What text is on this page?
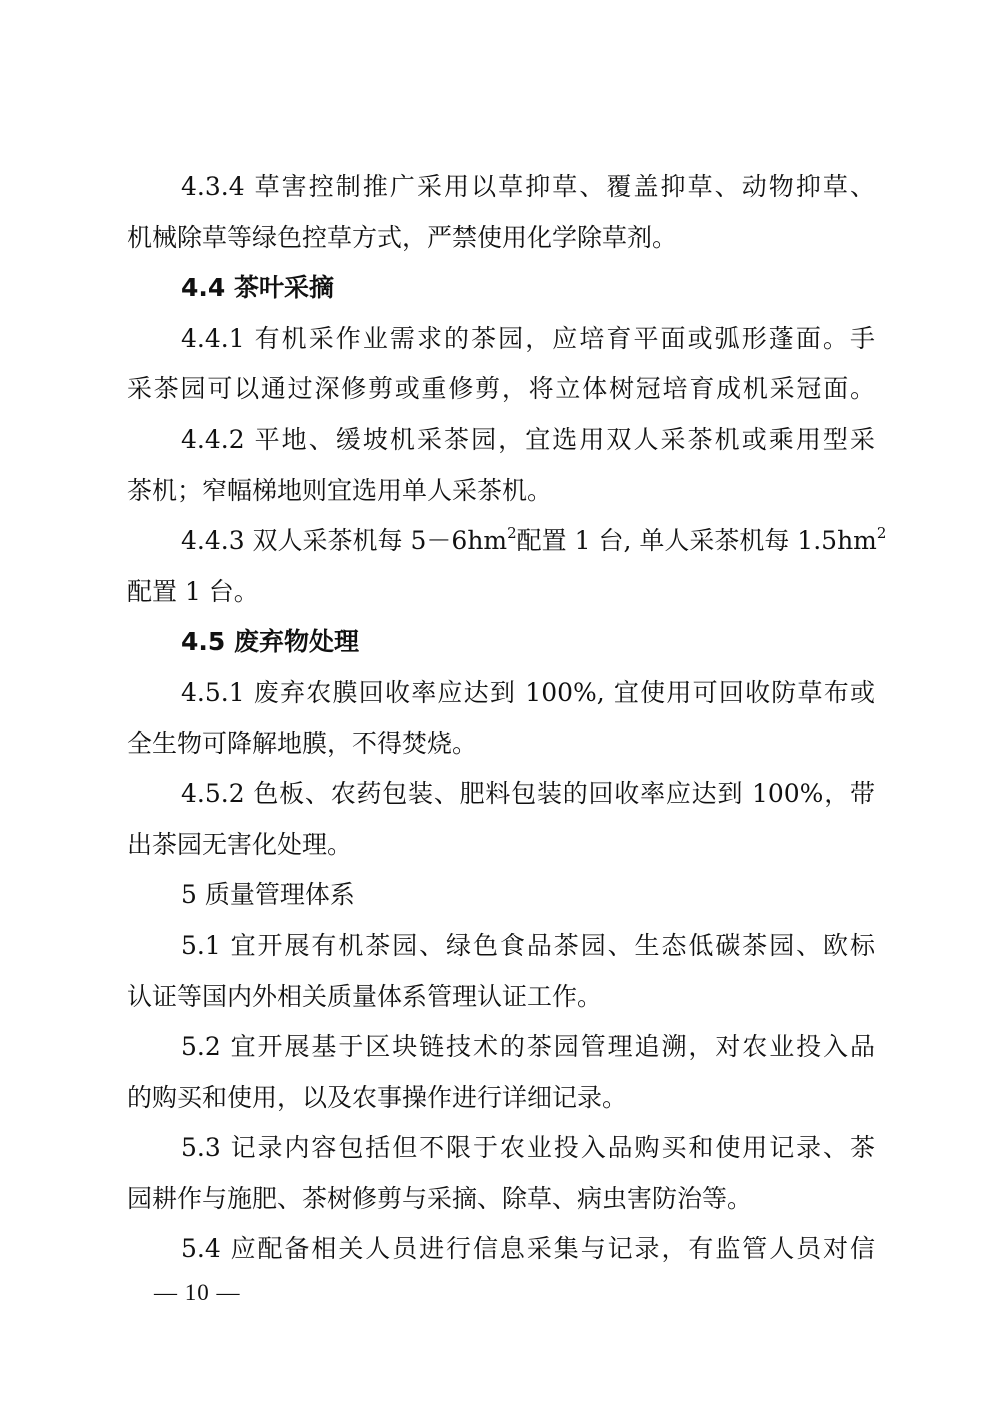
4.3.4 草害控制推广采用以草抑草、覆盖抑草、动物抑草、
机械除草等绿色控草方式，严禁使用化学除草剂。
4.4 茶叶采摘
4.4.1 有机采作业需求的茶园，应培育平面或弧形蓬面。手
采茶园可以通过深修剪或重修剪，将立体树冠培育成机采冠面。
4.4.2 平地、缓坡机采茶园，宜选用双人采茶机或乘用型采
茶机；窄幅梯地则宜选用单人采茶机。
4.4.3 双人采茶机每 $5-6hm^2$配置 1 台, 单人采茶机每 $1.5hm^2$
配置 1 台。
4.5 废弃物处理
4.5.1 废弃农膜回收率应达到 100%, 宜使用可回收防草布或
全生物可降解地膜，不得焚烧。
4.5.2 色板、农药包装、肥料包装的回收率应达到 100%，带
出茶园无害化处理。
5 质量管理体系
5.1 宜开展有机茶园、绿色食品茶园、生态低碳茶园、欧标
认证等国内外相关质量体系管理认证工作。
5.2 宜开展基于区块链技术的茶园管理追溯，对农业投入品
的购买和使用，以及农事操作进行详细记录。
5.3 记录内容包括但不限于农业投入品购买和使用记录、茶
园耕作与施肥、茶树修剪与采摘、除草、病虫害防治等。
5.4 应配备相关人员进行信息采集与记录，有监管人员对信
— 10 —
